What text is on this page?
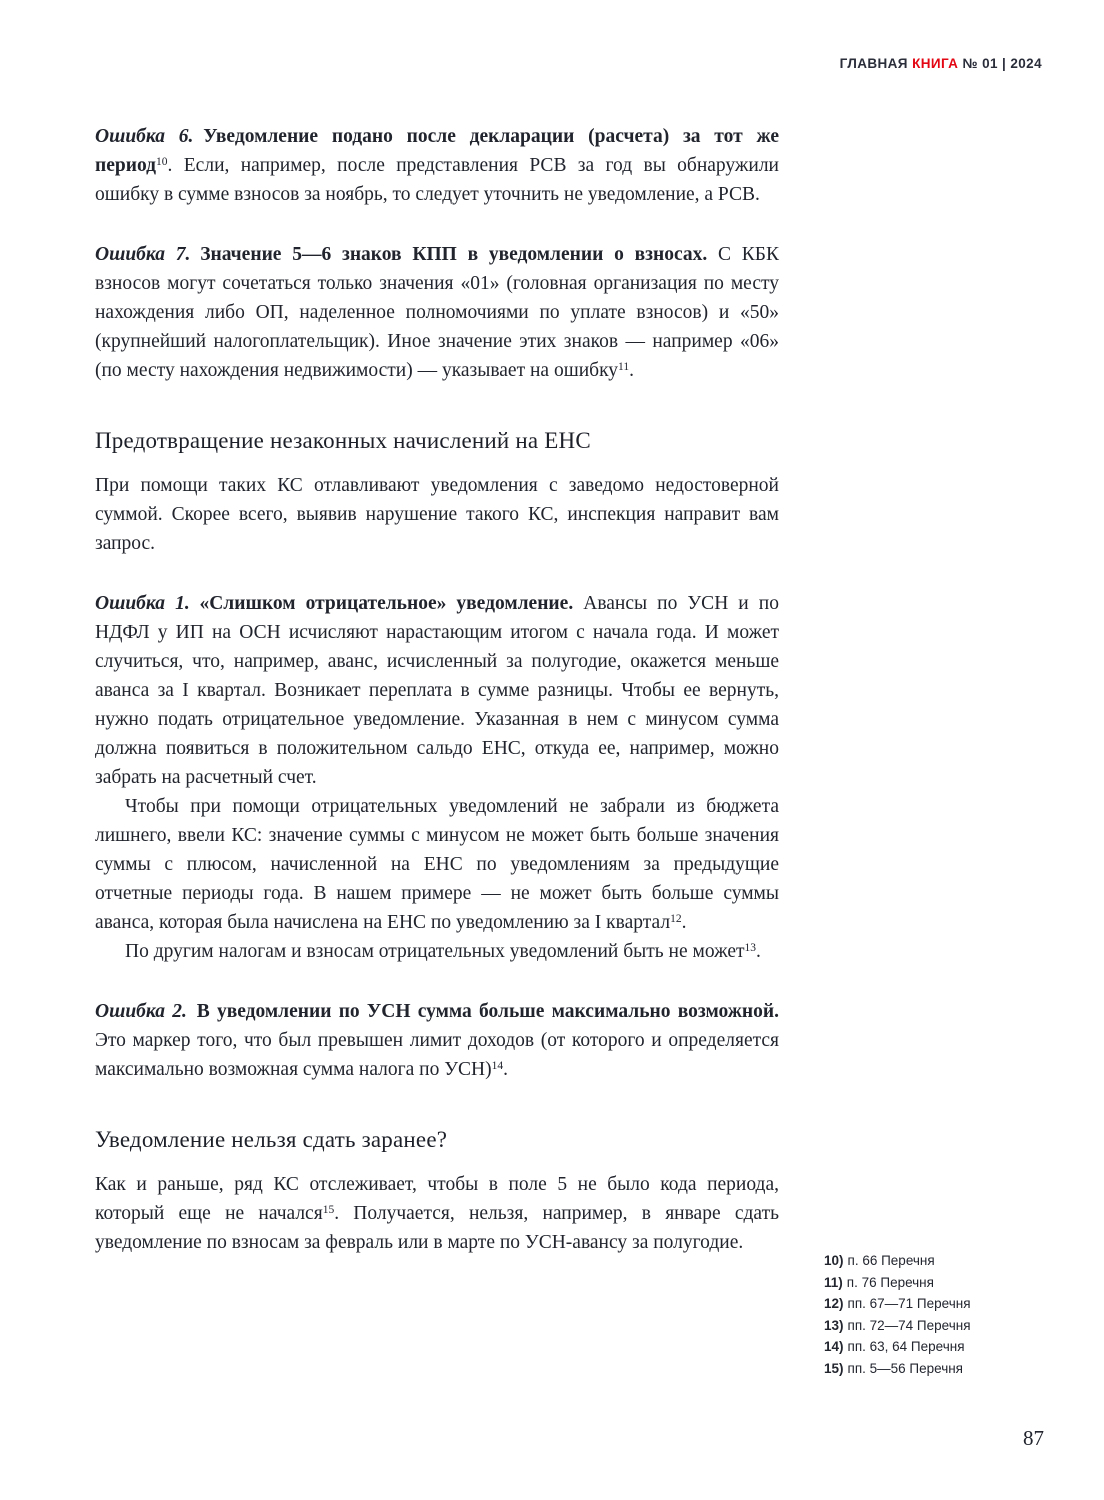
ГЛАВНАЯ КНИГА № 01 | 2024

Ошибка 6. Уведомление подано после декларации (расчета) за тот же период$^{10}$. Если, например, после представления РСВ за год вы обнаружили ошибку в сумме взносов за ноябрь, то следует уточнить не уведомление, а РСВ.

Ошибка 7. Значение 5—6 знаков КПП в уведомлении о взносах. С КБК взносов могут сочетаться только значения «01» (головная организация по месту нахождения либо ОП, наделенное полномочиями по уплате взносов) и «50» (крупнейший налогоплательщик). Иное значение этих знаков — например «06» (по месту нахождения недвижимости) — указывает на ошибку$^{11}$.

Предотвращение незаконных начислений на ЕНС

При помощи таких КС отлавливают уведомления с заведомо недостоверной суммой. Скорее всего, выявив нарушение такого КС, инспекция направит вам запрос.

Ошибка 1. «Слишком отрицательное» уведомление. Авансы по УСН и по НДФЛ у ИП на ОСН исчисляют нарастающим итогом с начала года. И может случиться, что, например, аванс, исчисленный за полугодие, окажется меньше аванса за I квартал. Возникает переплата в сумме разницы. Чтобы ее вернуть, нужно подать отрицательное уведомление. Указанная в нем с минусом сумма должна появиться в положительном сальдо ЕНС, откуда ее, например, можно забрать на расчетный счет.

Чтобы при помощи отрицательных уведомлений не забрали из бюджета лишнего, ввели КС: значение суммы с минусом не может быть больше значения суммы с плюсом, начисленной на ЕНС по уведомлениям за предыдущие отчетные периоды года. В нашем примере — не может быть больше суммы аванса, которая была начислена на ЕНС по уведомлению за I квартал$^{12}$.

По другим налогам и взносам отрицательных уведомлений быть не может$^{13}$.

Ошибка 2. В уведомлении по УСН сумма больше максимально возможной. Это маркер того, что был превышен лимит доходов (от которого и определяется максимально возможная сумма налога по УСН)$^{14}$.

Уведомление нельзя сдать заранее?

Как и раньше, ряд КС отслеживает, чтобы в поле 5 не было кода периода, который еще не начался$^{15}$. Получается, нельзя, например, в январе сдать уведомление по взносам за февраль или в марте по УСН-авансу за полугодие.

10) п. 66 Перечня
11) п. 76 Перечня
12) пп. 67—71 Перечня
13) пп. 72—74 Перечня
14) пп. 63, 64 Перечня
15) пп. 5—56 Перечня
87
